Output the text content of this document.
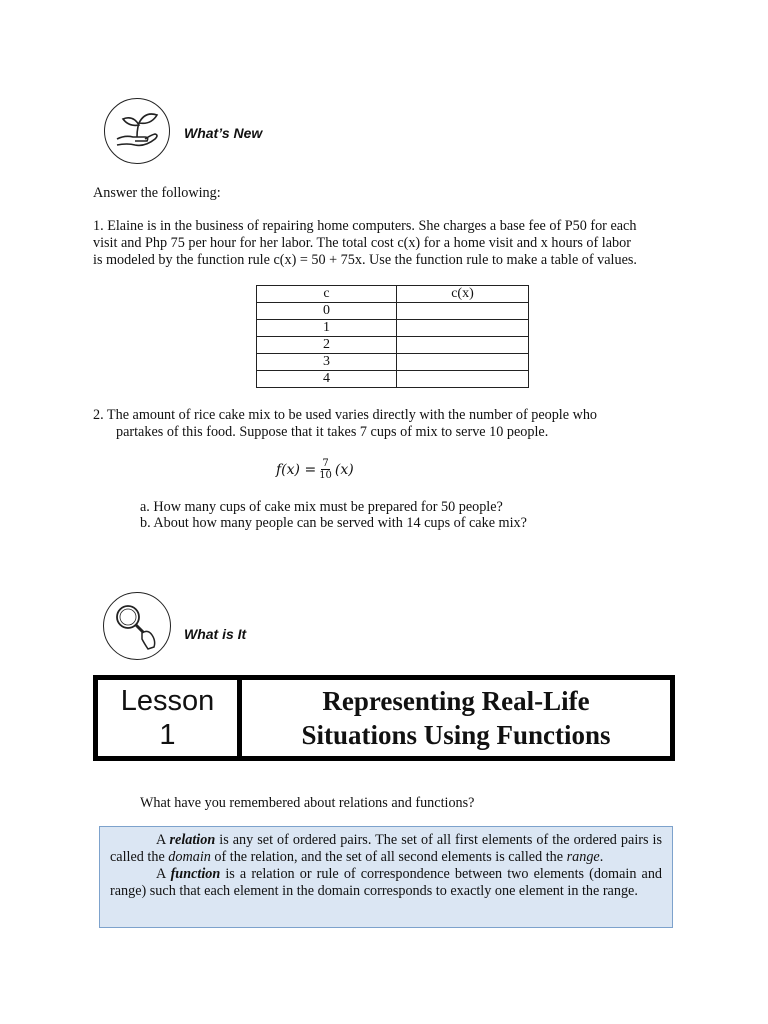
What’s New
Answer the following:
1. Elaine is in the business of repairing home computers. She charges a base fee of P50 for each
visit and Php 75 per hour for her labor. The total cost c(x) for a home visit and x hours of labor
is modeled by the function rule c(x) = 50 + 75x. Use the function rule to make a table of values.
c	c(x)
0	
1	
2	
3	
4	
2. The amount of rice cake mix to be used varies directly with the number of people who
partakes of this food. Suppose that it takes 7 cups of mix to serve 10 people.
$f(x) = \frac{7}{10} (x)$
a. How many cups of cake mix must be prepared for 50 people?
b. About how many people can be served with 14 cups of cake mix?
What is It
Lesson
1
Representing Real-Life
Situations Using Functions
What have you remembered about relations and functions?

A relation is any set of ordered pairs. The set of all first elements of the ordered pairs is called the domain of the relation, and the set of all second elements is called the range.

A function is a relation or rule of correspondence between two elements (domain and range) such that each element in the domain corresponds to exactly one element in the range.
